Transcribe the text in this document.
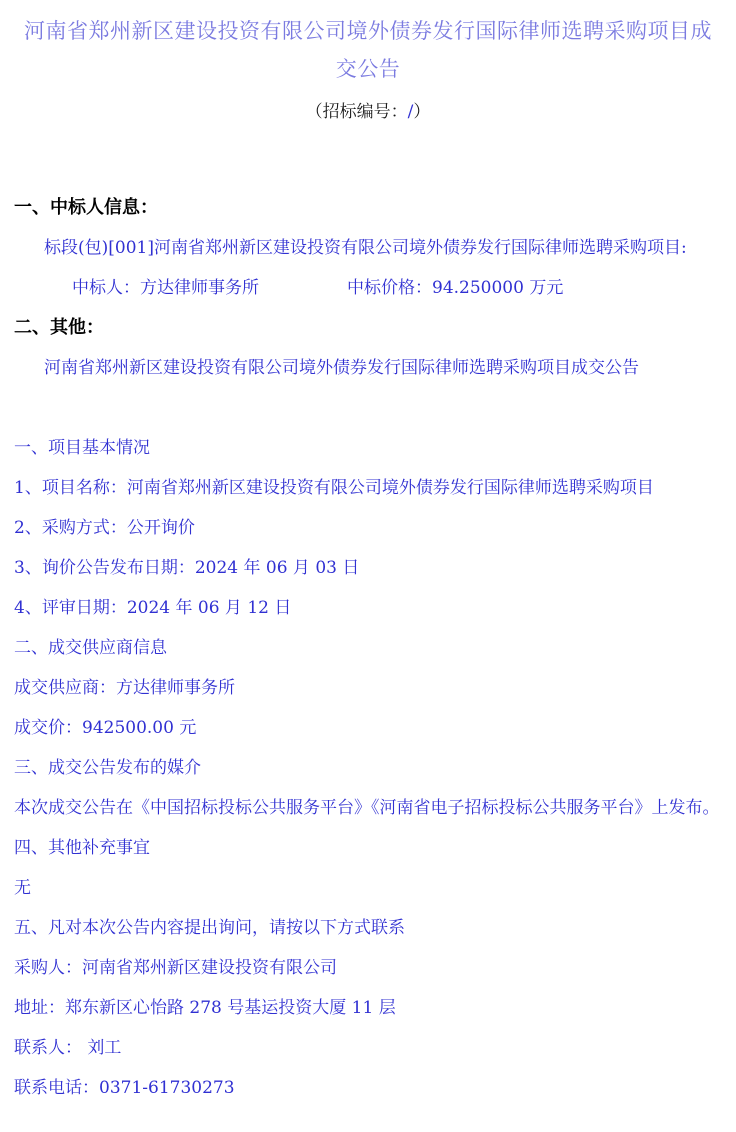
河南省郑州新区建设投资有限公司境外债券发行国际律师选聘采购项目成交公告
（招标编号：/）
一、中标人信息：

标段(包)[001]河南省郑州新区建设投资有限公司境外债券发行国际律师选聘采购项目:

中标人：方达律师事务所	中标价格：94.250000 万元

二、其他：

河南省郑州新区建设投资有限公司境外债券发行国际律师选聘采购项目成交公告

一、项目基本情况

1、项目名称：河南省郑州新区建设投资有限公司境外债券发行国际律师选聘采购项目

2、采购方式：公开询价

3、询价公告发布日期：2024 年 06 月 03 日

4、评审日期：2024 年 06 月 12 日

二、成交供应商信息

成交供应商：方达律师事务所

成交价：942500.00 元

三、成交公告发布的媒介

本次成交公告在《中国招标投标公共服务平台》《河南省电子招标投标公共服务平台》上发布。

四、其他补充事宜

无

五、凡对本次公告内容提出询问，请按以下方式联系

采购人：河南省郑州新区建设投资有限公司

地址：郑东新区心怡路 278 号基运投资大厦 11 层

联系人： 刘工

联系电话：0371-61730273
